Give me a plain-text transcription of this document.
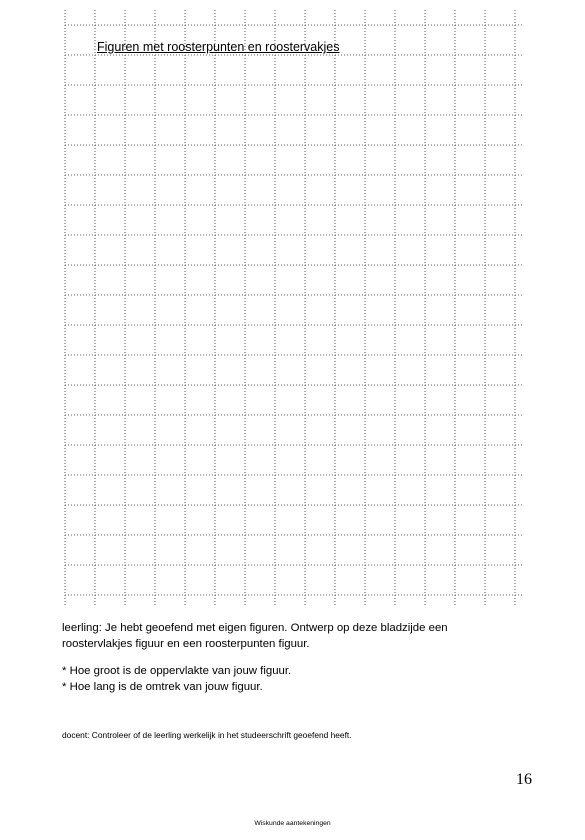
Figuren met roosterpunten en roostervakjes
leerling: Je hebt geoefend met eigen figuren. Ontwerp op deze bladzijde een roostervlakjes figuur en een roosterpunten figuur.
* Hoe groot is de oppervlakte van jouw figuur.
* Hoe lang is de omtrek van jouw figuur.
docent: Controleer of de leerling werkelijk in het studeerschrift geoefend heeft.
16
Wiskunde aantekeningen
